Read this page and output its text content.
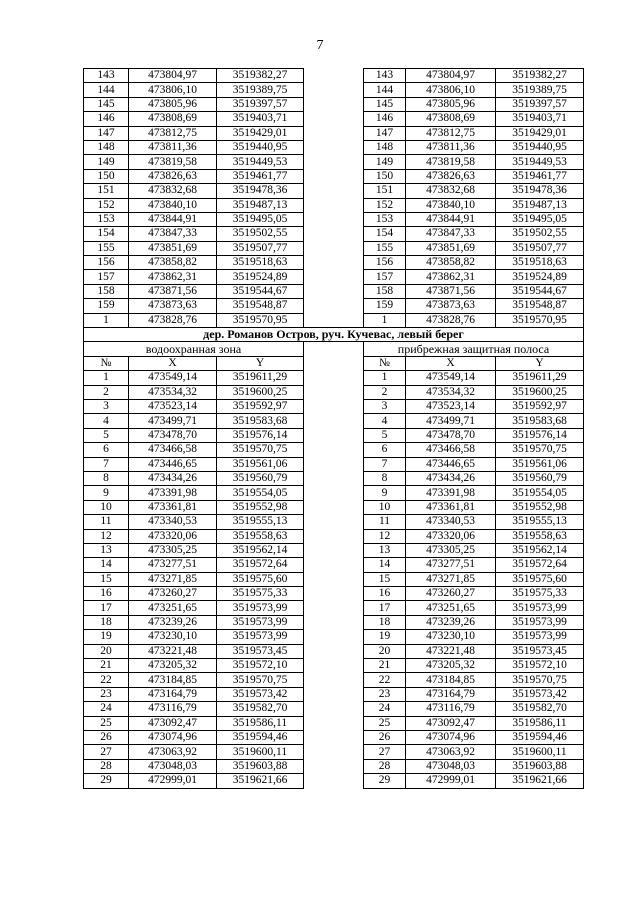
7
143	473804,97	3519382,27		143	473804,97	3519382,27
144	473806,10	3519389,75		144	473806,10	3519389,75
145	473805,96	3519397,57		145	473805,96	3519397,57
146	473808,69	3519403,71		146	473808,69	3519403,71
147	473812,75	3519429,01		147	473812,75	3519429,01
148	473811,36	3519440,95		148	473811,36	3519440,95
149	473819,58	3519449,53		149	473819,58	3519449,53
150	473826,63	3519461,77		150	473826,63	3519461,77
151	473832,68	3519478,36		151	473832,68	3519478,36
152	473840,10	3519487,13		152	473840,10	3519487,13
153	473844,91	3519495,05		153	473844,91	3519495,05
154	473847,33	3519502,55		154	473847,33	3519502,55
155	473851,69	3519507,77		155	473851,69	3519507,77
156	473858,82	3519518,63		156	473858,82	3519518,63
157	473862,31	3519524,89		157	473862,31	3519524,89
158	473871,56	3519544,67		158	473871,56	3519544,67
159	473873,63	3519548,87		159	473873,63	3519548,87
1	473828,76	3519570,95		1	473828,76	3519570,95
дер. Романов Остров, руч. Кучевас, левый берег						
водоохранная зона				прибрежная защитная полоса		
№	X	Y		№	X	Y
1	473549,14	3519611,29		1	473549,14	3519611,29
2	473534,32	3519600,25		2	473534,32	3519600,25
3	473523,14	3519592,97		3	473523,14	3519592,97
4	473499,71	3519583,68		4	473499,71	3519583,68
5	473478,70	3519576,14		5	473478,70	3519576,14
6	473466,58	3519570,75		6	473466,58	3519570,75
7	473446,65	3519561,06		7	473446,65	3519561,06
8	473434,26	3519560,79		8	473434,26	3519560,79
9	473391,98	3519554,05		9	473391,98	3519554,05
10	473361,81	3519552,98		10	473361,81	3519552,98
11	473340,53	3519555,13		11	473340,53	3519555,13
12	473320,06	3519558,63		12	473320,06	3519558,63
13	473305,25	3519562,14		13	473305,25	3519562,14
14	473277,51	3519572,64		14	473277,51	3519572,64
15	473271,85	3519575,60		15	473271,85	3519575,60
16	473260,27	3519575,33		16	473260,27	3519575,33
17	473251,65	3519573,99		17	473251,65	3519573,99
18	473239,26	3519573,99		18	473239,26	3519573,99
19	473230,10	3519573,99		19	473230,10	3519573,99
20	473221,48	3519573,45		20	473221,48	3519573,45
21	473205,32	3519572,10		21	473205,32	3519572,10
22	473184,85	3519570,75		22	473184,85	3519570,75
23	473164,79	3519573,42		23	473164,79	3519573,42
24	473116,79	3519582,70		24	473116,79	3519582,70
25	473092,47	3519586,11		25	473092,47	3519586,11
26	473074,96	3519594,46		26	473074,96	3519594,46
27	473063,92	3519600,11		27	473063,92	3519600,11
28	473048,03	3519603,88		28	473048,03	3519603,88
29	472999,01	3519621,66		29	472999,01	3519621,66
